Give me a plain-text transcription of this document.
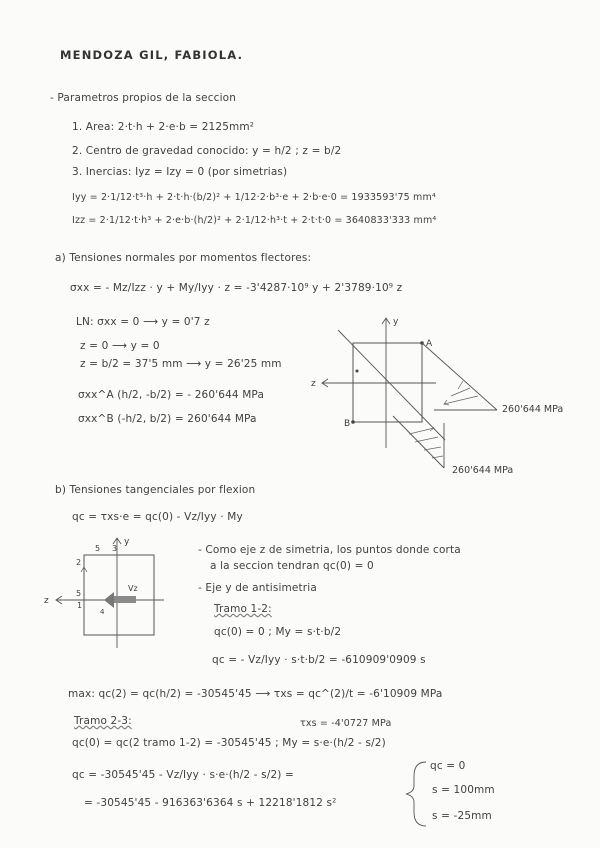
MENDOZA GIL, FABIOLA.
- Parametros propios de la seccion
1. Area: 2·t·h + 2·e·b = 2125mm²
2. Centro de gravedad conocido: y = h/2 ; z = b/2
3. Inercias: Iyz = Izy = 0 (por simetrias)
Iyy = 2·1/12·t³·h + 2·t·h·(b/2)² + 1/12·2·b³·e + 2·b·e·0 = 1933593'75 mm⁴
Izz = 2·1/12·t·h³ + 2·e·b·(h/2)² + 2·1/12·h³·t + 2·t·t·0 = 3640833'333 mm⁴
a) Tensiones normales por momentos flectores:
σxx = - Mz/Izz · y + My/Iyy · z = -3'4287·10⁹ y + 2'3789·10⁹ z
LN: σxx = 0 ⟶ y = 0'7 z
z = 0 ⟶ y = 0
z = b/2 = 37'5 mm ⟶ y = 26'25 mm
σxx^A (h/2, -b/2) = - 260'644 MPa
σxx^B (-h/2, b/2) = 260'644 MPa
y
z
A
B
260'644 MPa
260'644 MPa
b) Tensiones tangenciales por flexion
qc = τxs·e = qc(0) - Vz/Iyy · My
y
z
Vz
2
3
5
5
1
4
- Como eje z de simetria, los puntos donde corta
a la seccion tendran qc(0) = 0
- Eje y de antisimetria
Tramo 1-2:
qc(0) = 0 ; My = s·t·b/2
qc = - Vz/Iyy · s·t·b/2 = -610909'0909 s
max: qc(2) = qc(h/2) = -30545'45 ⟶ τxs = qc^(2)/t = -6'10909 MPa
τxs = -4'0727 MPa
Tramo 2-3:
qc(0) = qc(2 tramo 1-2) = -30545'45 ; My = s·e·(h/2 - s/2)
qc = -30545'45 - Vz/Iyy · s·e·(h/2 - s/2) =
= -30545'45 - 916363'6364 s + 12218'1812 s²
qc = 0
s = 100mm
s = -25mm
